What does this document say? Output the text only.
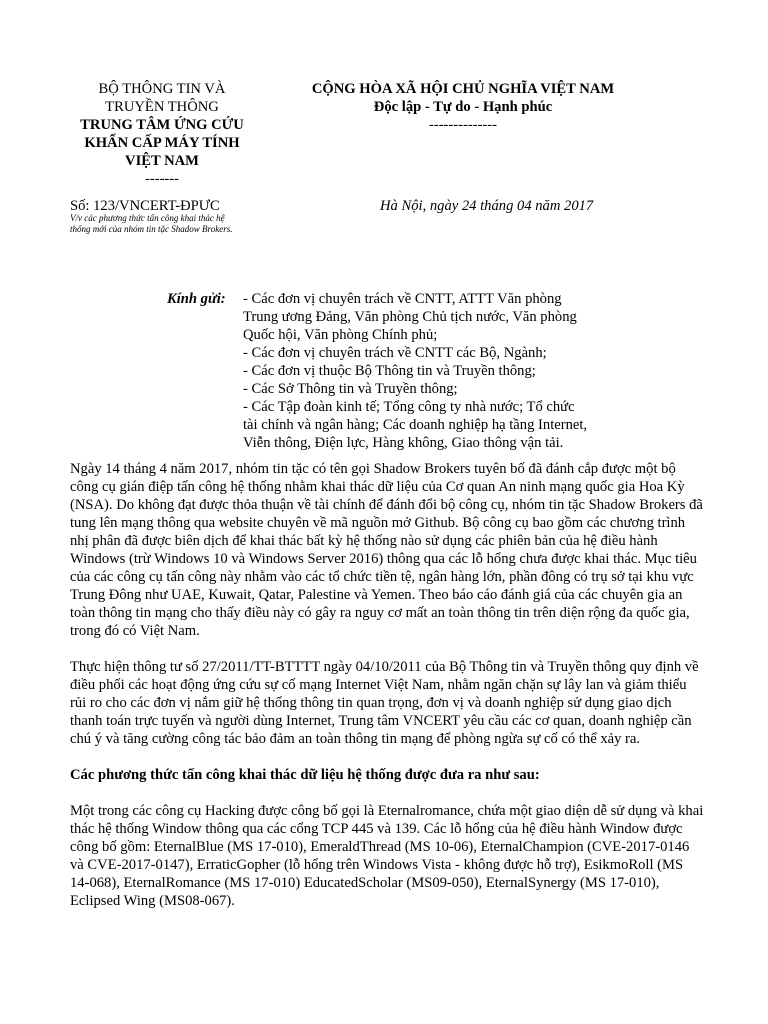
BỘ THÔNG TIN VÀ
TRUYỀN THÔNG
TRUNG TÂM ỨNG CỨU
KHẨN CẤP MÁY TÍNH
VIỆT NAM
-------
CỘNG HÒA XÃ HỘI CHỦ NGHĨA VIỆT NAM
Độc lập - Tự do - Hạnh phúc
--------------
Số: 123/VNCERT-ĐPƯC
V/v các phương thức tấn công khai thác hệ
thống mới của nhóm tin tặc Shadow Brokers.
Hà Nội, ngày 24 tháng 04 năm 2017
Kính gửi: - Các đơn vị chuyên trách về CNTT, ATTT Văn phòng
Trung ương Đảng, Văn phòng Chủ tịch nước, Văn phòng
Quốc hội, Văn phòng Chính phủ;
- Các đơn vị chuyên trách về CNTT các Bộ, Ngành;
- Các đơn vị thuộc Bộ Thông tin và Truyền thông;
- Các Sở Thông tin và Truyền thông;
- Các Tập đoàn kinh tế; Tổng công ty nhà nước; Tổ chức
tài chính và ngân hàng; Các doanh nghiệp hạ tầng Internet,
Viễn thông, Điện lực, Hàng không, Giao thông vận tải.

Ngày 14 tháng 4 năm 2017, nhóm tin tặc có tên gọi Shadow Brokers tuyên bố đã đánh cắp được một bộ công cụ gián điệp tấn công hệ thống nhằm khai thác dữ liệu của Cơ quan An ninh mạng quốc gia Hoa Kỳ (NSA). Do không đạt được thỏa thuận về tài chính để đánh đổi bộ công cụ, nhóm tin tặc Shadow Brokers đã tung lên mạng thông qua website chuyên về mã nguồn mở Github. Bộ công cụ bao gồm các chương trình nhị phân đã được biên dịch để khai thác bất kỳ hệ thống nào sử dụng các phiên bản của hệ điều hành Windows (trừ Windows 10 và Windows Server 2016) thông qua các lỗ hổng chưa được khai thác. Mục tiêu của các công cụ tấn công này nhằm vào các tổ chức tiền tệ, ngân hàng lớn, phần đông có trụ sở tại khu vực Trung Đông như UAE, Kuwait, Qatar, Palestine và Yemen. Theo báo cáo đánh giá của các chuyên gia an toàn thông tin mạng cho thấy điều này có gây ra nguy cơ mất an toàn thông tin trên diện rộng đa quốc gia, trong đó có Việt Nam.

Thực hiện thông tư số 27/2011/TT-BTTTT ngày 04/10/2011 của Bộ Thông tin và Truyền thông quy định về điều phối các hoạt động ứng cứu sự cố mạng Internet Việt Nam, nhằm ngăn chặn sự lây lan và giảm thiểu rủi ro cho các đơn vị nắm giữ hệ thống thông tin quan trọng, đơn vị và doanh nghiệp sử dụng giao dịch thanh toán trực tuyến và người dùng Internet, Trung tâm VNCERT yêu cầu các cơ quan, doanh nghiệp cần chú ý và tăng cường công tác bảo đảm an toàn thông tin mạng để phòng ngừa sự cố có thể xảy ra.

Các phương thức tấn công khai thác dữ liệu hệ thống được đưa ra như sau:

Một trong các công cụ Hacking được công bố gọi là Eternalromance, chứa một giao diện dễ sử dụng và khai thác hệ thống Window thông qua các cổng TCP 445 và 139. Các lỗ hổng của hệ điều hành Window được công bố gồm: EternalBlue (MS 17-010), EmeraldThread (MS 10-06), EternalChampion (CVE-2017-0146 và CVE-2017-0147), ErraticGopher (lỗ hổng trên Windows Vista - không được hỗ trợ), EsikmoRoll (MS 14-068), EternalRomance (MS 17-010) EducatedScholar (MS09-050), EternalSynergy (MS 17-010), Eclipsed Wing (MS08-067).
